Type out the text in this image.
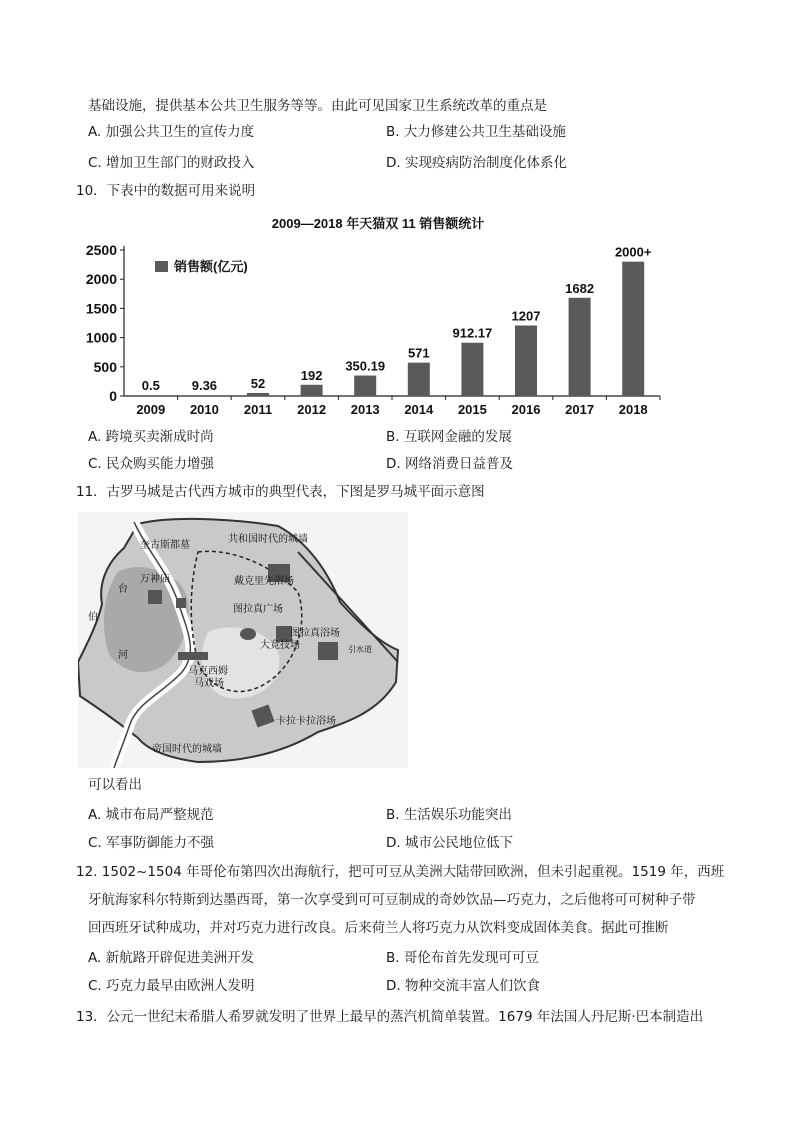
基础设施，提供基本公共卫生服务等等。由此可见国家卫生系统改革的重点是
A. 加强公共卫生的宣传力度	B. 大力修建公共卫生基础设施
C. 增加卫生部门的财政投入	D. 实现疫病防治制度化体系化
10．下表中的数据可用来说明
2009—2018 年天猫双 11 销售额统计
销售额(亿元)
0
500
1000
1500
2000
2500
2009 2010 2011 2012 2013 2014 2015 2016 2017 2018
0.5 9.36	52
192
350.19
571
912.17
1207
1682
2000+
A. 跨境买卖渐成时尚	B. 互联网金融的发展
C. 民众购买能力增强	D. 网络消费日益普及
11．古罗马城是古代西方城市的典型代表，下图是罗马城平面示意图
奎古斯都墓
共和国时代的城墙
台
万神庙	戴克里先浴场
伯
图拉真广场
河
图拉真浴场
大竞技场
马克西姆
马戏场
引水道
卡拉卡拉浴场
帝国时代的城墙
可以看出
A. 城市布局严整规范	B. 生活娱乐功能突出
C. 军事防御能力不强	D. 城市公民地位低下
12. 1502~1504 年哥伦布第四次出海航行，把可可豆从美洲大陆带回欧洲，但未引起重视。1519 年，西班
牙航海家科尔特斯到达墨西哥，第一次享受到可可豆制成的奇妙饮品—巧克力，之后他将可可树种子带
回西班牙试种成功，并对巧克力进行改良。后来荷兰人将巧克力从饮料变成固体美食。据此可推断
A. 新航路开辟促进美洲开发	B. 哥伦布首先发现可可豆
C. 巧克力最早由欧洲人发明	D. 物种交流丰富人们饮食
13．公元一世纪末希腊人希罗就发明了世界上最早的蒸汽机简单装置。1679 年法国人丹尼斯·巴本制造出
